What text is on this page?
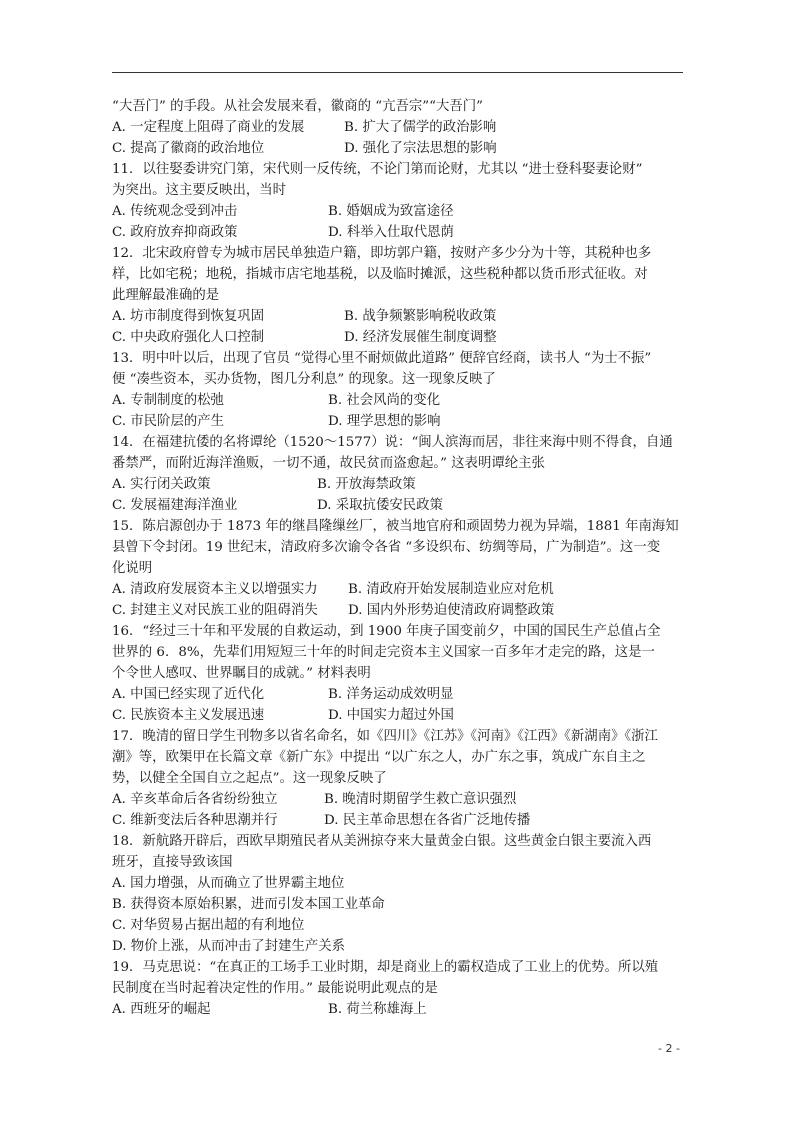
“大吾门” 的手段。从社会发展来看，徽商的 “亢吾宗”“大吾门”
A. 一定程度上阻碍了商业的发展	B. 扩大了儒学的政治影响
C. 提高了徽商的政治地位	D. 强化了宗法思想的影响
11．以往娶委讲究门第，宋代则一反传统，不论门第而论财，尤其以 “进士登科娶妻论财”
为突出。这主要反映出，当时
A. 传统观念受到冲击	B. 婚姻成为致富途径
C. 政府放弃抑商政策	D. 科举入仕取代恩荫
12．北宋政府曾专为城市居民单独造户籍，即坊郭户籍，按财产多少分为十等，其税种也多
样，比如宅税；地税，指城市店宅地基税，以及临时摊派，这些税种都以货币形式征收。对
此理解最准确的是
A. 坊市制度得到恢复巩固	B. 战争频繁影响税收政策
C. 中央政府强化人口控制	D. 经济发展催生制度调整
13．明中叶以后，出现了官员 “觉得心里不耐烦做此道路” 便辞官经商，读书人 “为士不振”
便 “凑些资本，买办货物，图几分利息” 的现象。这一现象反映了
A. 专制制度的松弛	B. 社会风尚的变化
C. 市民阶层的产生	D. 理学思想的影响
14．在福建抗倭的名将谭纶（1520～1577）说：“闽人滨海而居，非往来海中则不得食，自通
番禁严，而附近海洋渔贩，一切不通，故民贫而盗愈起。” 这表明谭纶主张
A. 实行闭关政策	B. 开放海禁政策
C. 发展福建海洋渔业	D. 采取抗倭安民政策
15．陈启源创办于 1873 年的继昌隆缫丝厂，被当地官府和顽固势力视为异端，1881 年南海知
县曾下令封闭。19 世纪末，清政府多次谕令各省 “多设织布、纺绸等局，广为制造”。这一变
化说明
A. 清政府发展资本主义以增强实力	B. 清政府开始发展制造业应对危机
C. 封建主义对民族工业的阻碍消失	D. 国内外形势迫使清政府调整政策
16．“经过三十年和平发展的自救运动，到 1900 年庚子国变前夕，中国的国民生产总值占全
世界的 6．8%，先辈们用短短三十年的时间走完资本主义国家一百多年才走完的路，这是一
个令世人感叹、世界瞩目的成就。” 材料表明
A. 中国已经实现了近代化	B. 洋务运动成效明显
C. 民族资本主义发展迅速	D. 中国实力超过外国
17．晚清的留日学生刊物多以省名命名，如《四川》《江苏》《河南》《江西》《新湖南》《浙江
潮》等，欧榘甲在长篇文章《新广东》中提出 “以广东之人，办广东之事，筑成广东自主之
势，以健全全国自立之起点”。这一现象反映了
A. 辛亥革命后各省纷纷独立	B. 晚清时期留学生救亡意识强烈
C. 维新变法后各种思潮并行	D. 民主革命思想在各省广泛地传播
18．新航路开辟后，西欧早期殖民者从美洲掠夺来大量黄金白银。这些黄金白银主要流入西
班牙，直接导致该国
A. 国力增强，从而确立了世界霸主地位
B. 获得资本原始积累，进而引发本国工业革命
C. 对华贸易占据出超的有利地位
D. 物价上涨，从而冲击了封建生产关系
19．马克思说：“在真正的工场手工业时期，却是商业上的霸权造成了工业上的优势。所以殖
民制度在当时起着决定性的作用。” 最能说明此观点的是
A. 西班牙的崛起	B. 荷兰称雄海上
- 2 -
